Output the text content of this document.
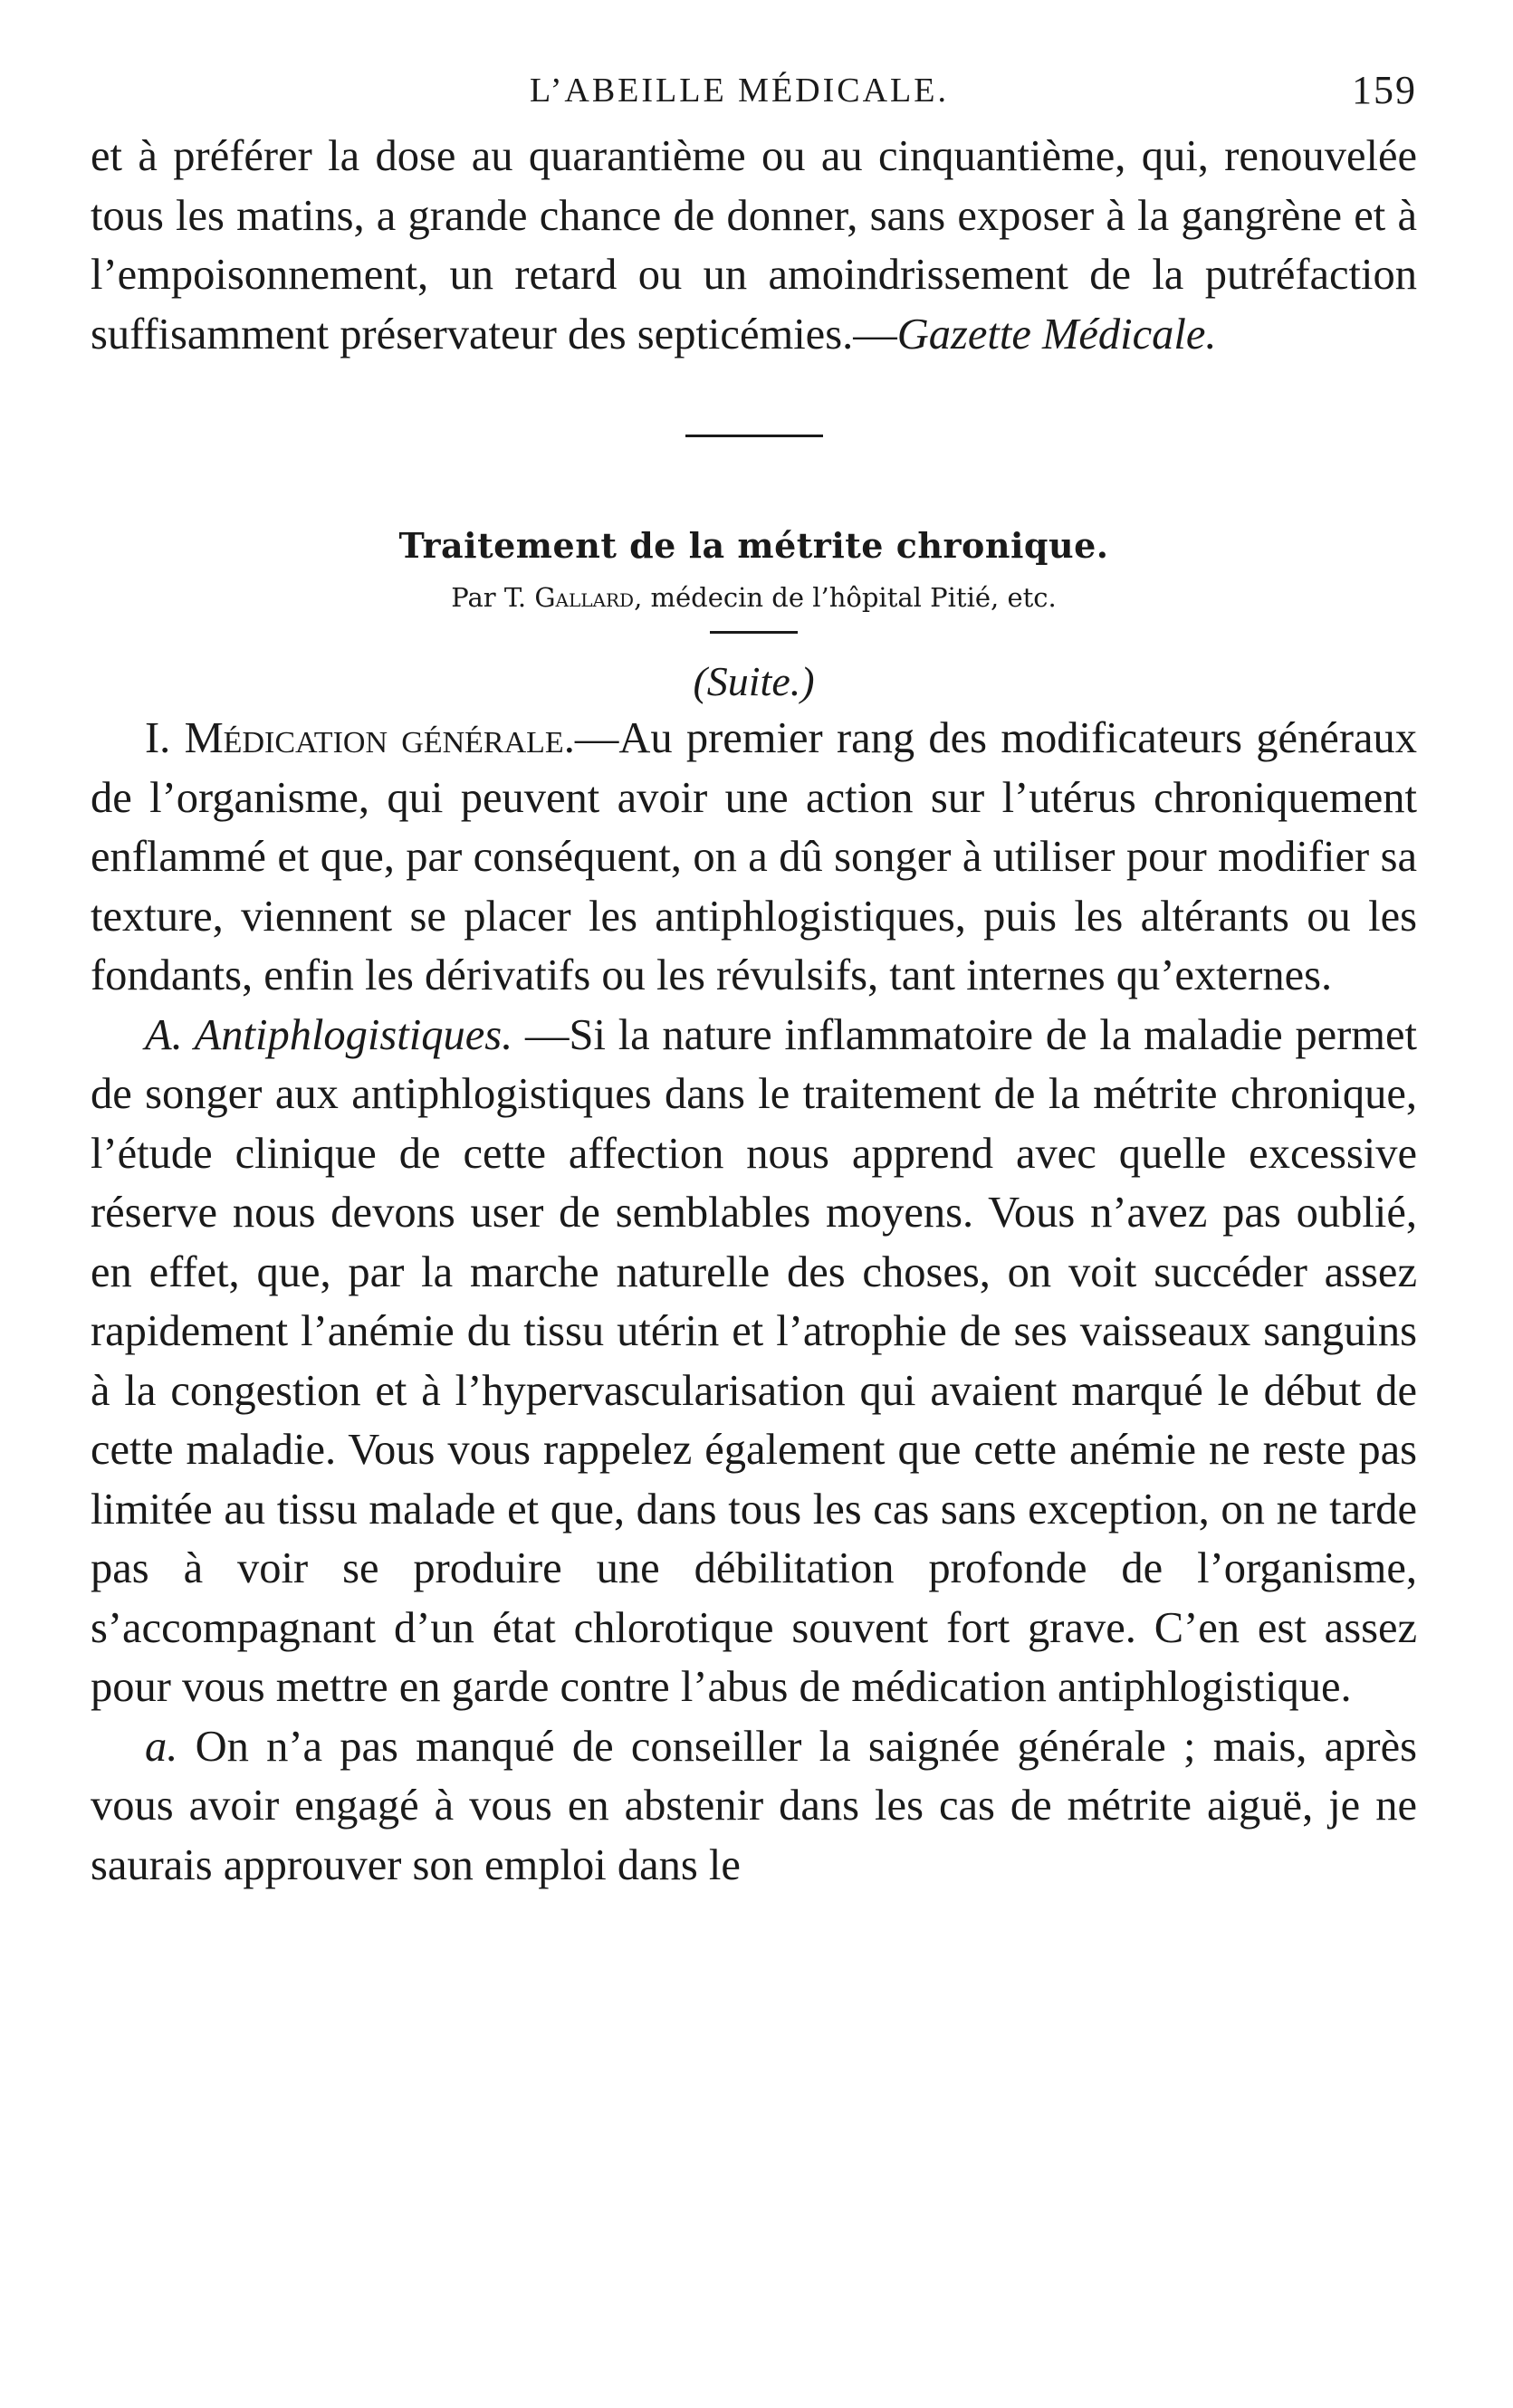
L’ABEILLE MÉDICALE.	159

et à préférer la dose au quarantième ou au cinquantième, qui, renouvelée tous les matins, a grande chance de donner, sans exposer à la gangrène et à l’empoisonnement, un retard ou un amoindrissement de la putréfaction suffisamment préservateur des septicémies.—Gazette Médicale.

Traitement de la métrite chronique.
Par T. Gallard, médecin de l’hôpital Pitié, etc.
(Suite.)

I. Médication générale.—Au premier rang des modificateurs généraux de l’organisme, qui peuvent avoir une action sur l’utérus chroniquement enflammé et que, par conséquent, on a dû songer à utiliser pour modifier sa texture, viennent se placer les antiphlogistiques, puis les altérants ou les fondants, enfin les dérivatifs ou les révulsifs, tant internes qu’externes.

A. Antiphlogistiques. —Si la nature inflammatoire de la maladie permet de songer aux antiphlogistiques dans le traitement de la métrite chronique, l’étude clinique de cette affection nous apprend avec quelle excessive réserve nous devons user de semblables moyens. Vous n’avez pas oublié, en effet, que, par la marche naturelle des choses, on voit succéder assez rapidement l’anémie du tissu utérin et l’atrophie de ses vaisseaux sanguins à la congestion et à l’hypervascularisation qui avaient marqué le début de cette maladie. Vous vous rappelez également que cette anémie ne reste pas limitée au tissu malade et que, dans tous les cas sans exception, on ne tarde pas à voir se produire une débilitation profonde de l’organisme, s’accompagnant d’un état chlorotique souvent fort grave. C’en est assez pour vous mettre en garde contre l’abus de médication antiphlogistique.

a. On n’a pas manqué de conseiller la saignée générale ; mais, après vous avoir engagé à vous en abstenir dans les cas de métrite aiguë, je ne saurais approuver son emploi dans le
